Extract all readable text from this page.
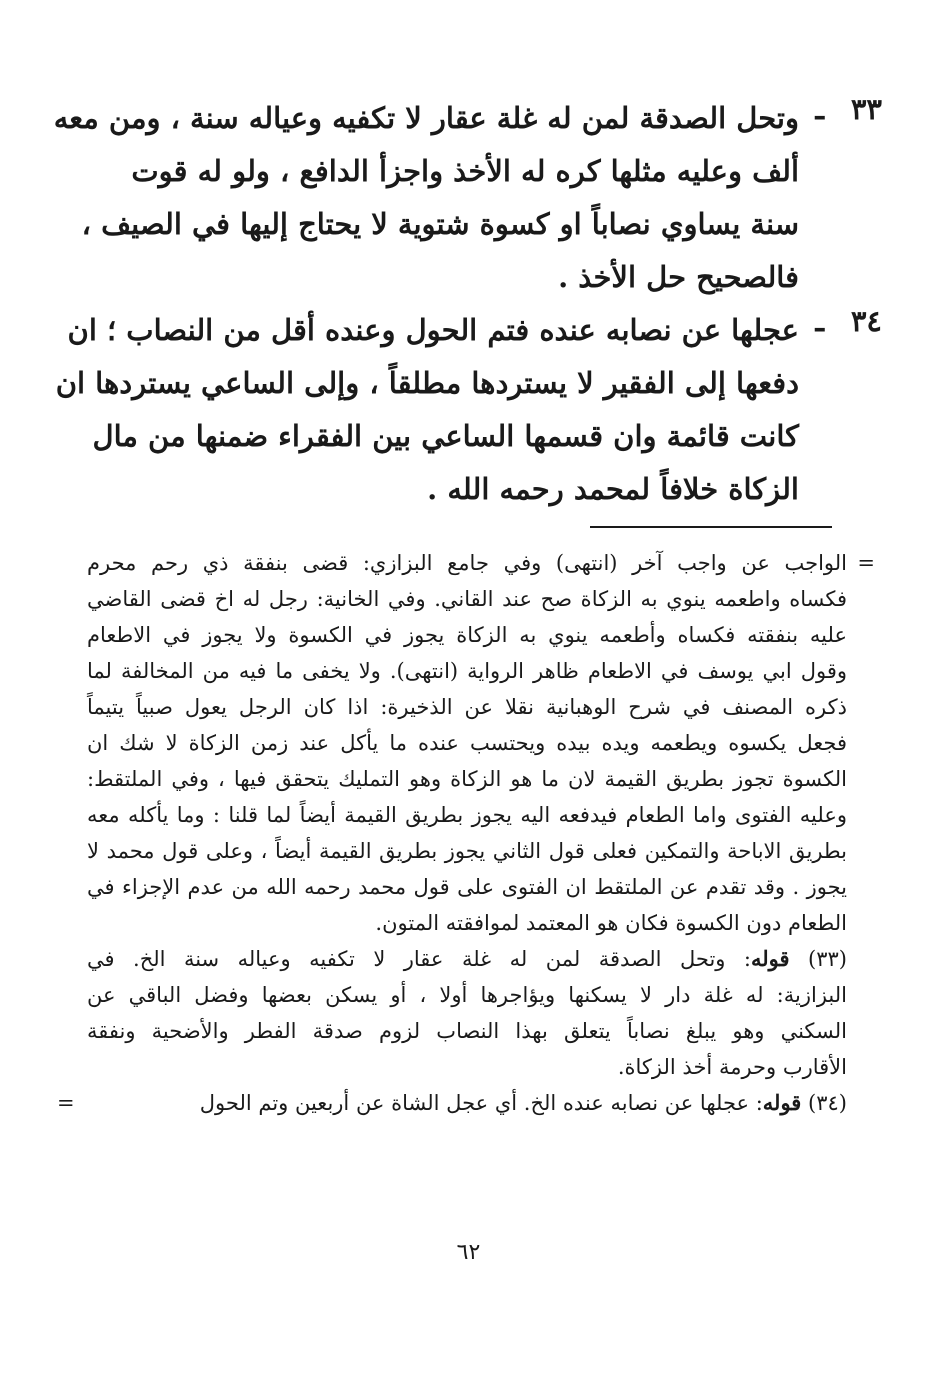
٣٣
ـ
وتحل الصدقة لمن له غلة عقار لا تكفيه وعياله سنة ، ومن معه
ألف وعليه مثلها كره له الأخذ واجزأ الدافع ، ولو له قوت
سنة يساوي نصاباً او كسوة شتوية لا يحتاج إليها في الصيف ،
فالصحيح حل الأخذ .
٣٤
ـ
عجلها عن نصابه عنده فتم الحول وعنده أقل من النصاب ؛ ان
دفعها إلى الفقير لا يستردها مطلقاً ، وإلى الساعي يستردها ان
كانت قائمة وان قسمها الساعي بين الفقراء ضمنها من مال
الزكاة خلافاً لمحمد رحمه الله .
=
الواجب عن واجب آخر (انتهى) وفي جامع البزازي: قضى بنفقة ذي رحم محرم
فكساه واطعمه ينوي به الزكاة صح عند القاني. وفي الخانية: رجل له اخ قضى القاضي
عليه بنفقته فكساه وأطعمه ينوي به الزكاة يجوز في الكسوة ولا يجوز في الاطعام
وقول ابي يوسف في الاطعام ظاهر الرواية (انتهى). ولا يخفى ما فيه من المخالفة لما
ذكره المصنف في شرح الوهبانية نقلا عن الذخيرة: اذا كان الرجل يعول صبياً يتيماً
فجعل يكسوه ويطعمه ويده بيده ويحتسب عنده ما يأكل عند زمن الزكاة لا شك ان
الكسوة تجوز بطريق القيمة لان ما هو الزكاة وهو التمليك يتحقق فيها ، وفي الملتقط:
وعليه الفتوى واما الطعام فيدفعه اليه يجوز بطريق القيمة أيضاً لما قلنا : وما يأكله معه
بطريق الاباحة والتمكين فعلى قول الثاني يجوز بطريق القيمة أيضاً ، وعلى قول محمد لا
يجوز . وقد تقدم عن الملتقط ان الفتوى على قول محمد رحمه الله من عدم الإجزاء في
الطعام دون الكسوة فكان هو المعتمد لموافقته المتون.
(٣٣) قوله: وتحل الصدقة لمن له غلة عقار لا تكفيه وعياله سنة الخ. في
البزازية: له غلة دار لا يسكنها ويؤاجرها أولا ، أو يسكن بعضها وفضل الباقي عن
السكني وهو يبلغ نصاباً يتعلق بهذا النصاب لزوم صدقة الفطر والأضحية ونفقة
الأقارب وحرمة أخذ الزكاة.
(٣٤) قوله: عجلها عن نصابه عنده الخ. أي عجل الشاة عن أربعين وتم الحول
=
٦٢
